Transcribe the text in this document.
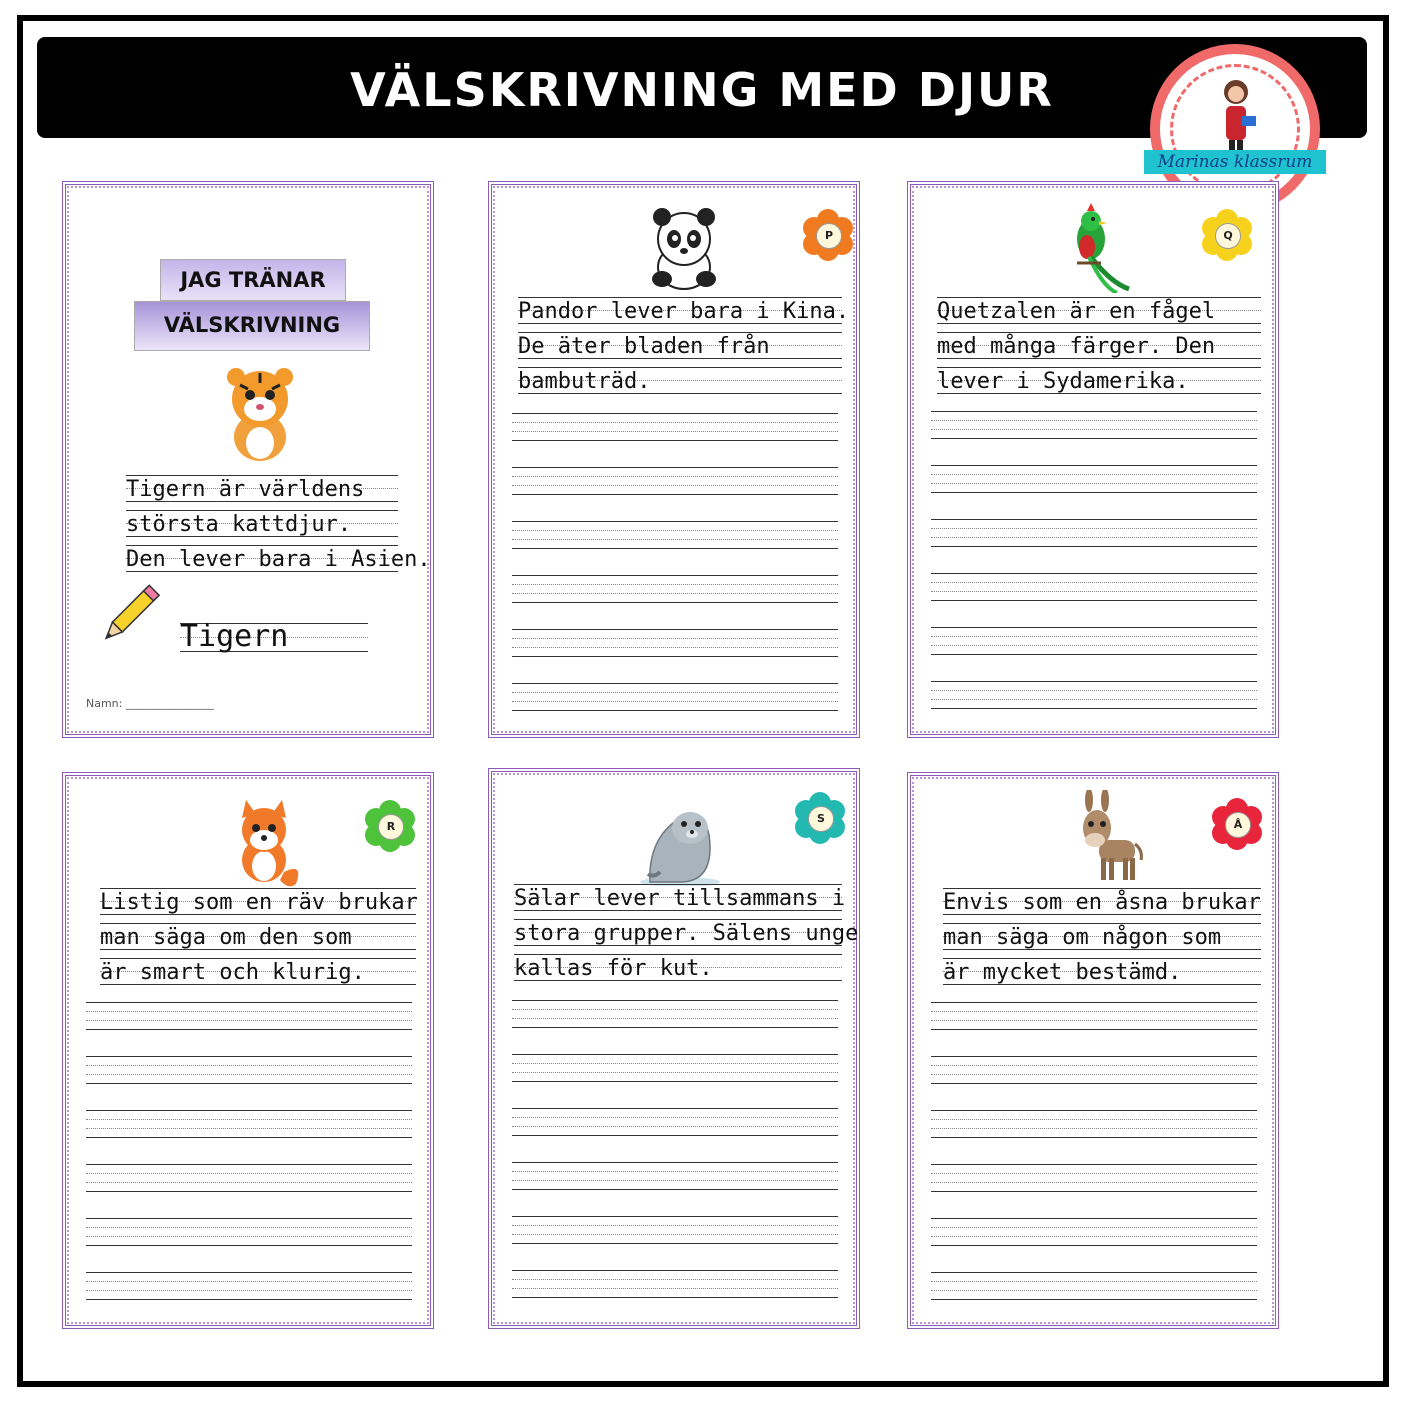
VÄLSKRIVNING MED DJUR
Marinas klassrum
JAG TRÄNAR
VÄLSKRIVNING
Tigern är världens
största kattdjur.
Den lever bara i Asien.
Tigern
Namn: ________________
P
Pandor lever bara i Kina.
De äter bladen från
bambuträd.
Q
Quetzalen är en fågel
med många färger. Den
lever i Sydamerika.
R
Listig som en räv brukar
man säga om den som
är smart och klurig.
S
Sälar lever tillsammans i
stora grupper. Sälens unge
kallas för kut.
Å
Envis som en åsna brukar
man säga om någon som
är mycket bestämd.
